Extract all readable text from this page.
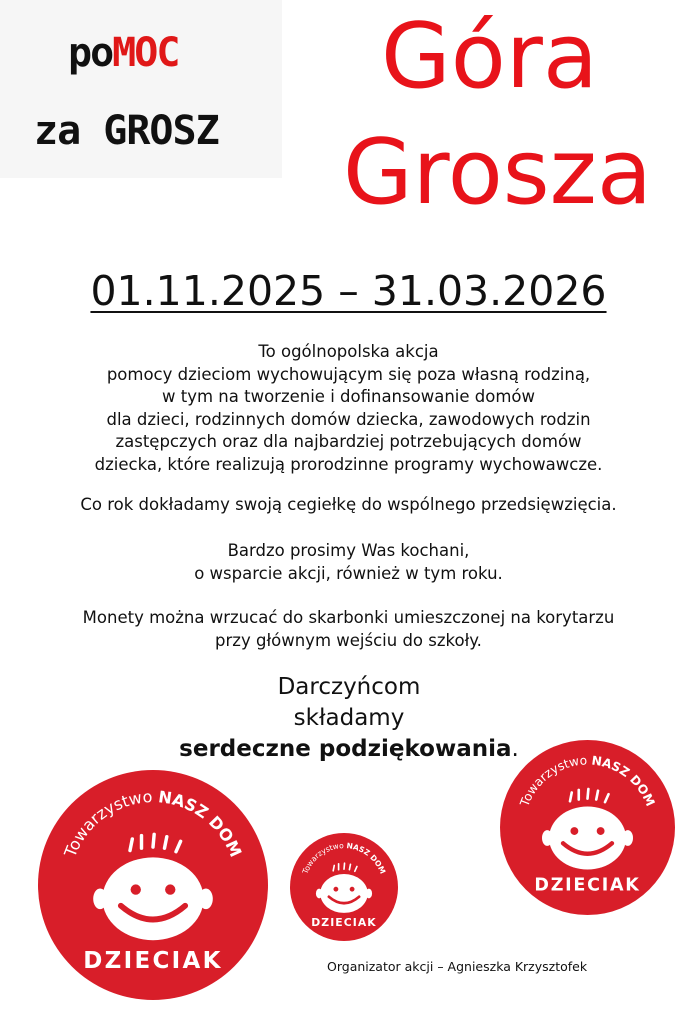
poMOC
za GROSZ
Góra
Grosza
01.11.2025 – 31.03.2026
To ogólnopolska akcja
pomocy dzieciom wychowującym się poza własną rodziną,
w tym na tworzenie i dofinansowanie domów
dla dzieci, rodzinnych domów dziecka, zawodowych rodzin
zastępczych oraz dla najbardziej potrzebujących domów
dziecka, które realizują prorodzinne programy wychowawcze.
Co rok dokładamy swoją cegiełkę do wspólnego przedsięwzięcia.
Bardzo prosimy Was kochani,
o wsparcie akcji, również w tym roku.
Monety można wrzucać do skarbonki umieszczonej na korytarzu
przy głównym wejściu do szkoły.
Darczyńcom
składamy
serdeczne podziękowania.
Towarzystwo NASZ DOM
DZIECIAK
Towarzystwo NASZ DOM
DZIECIAK
Towarzystwo NASZ DOM
DZIECIAK
Organizator akcji – Agnieszka Krzysztofek
